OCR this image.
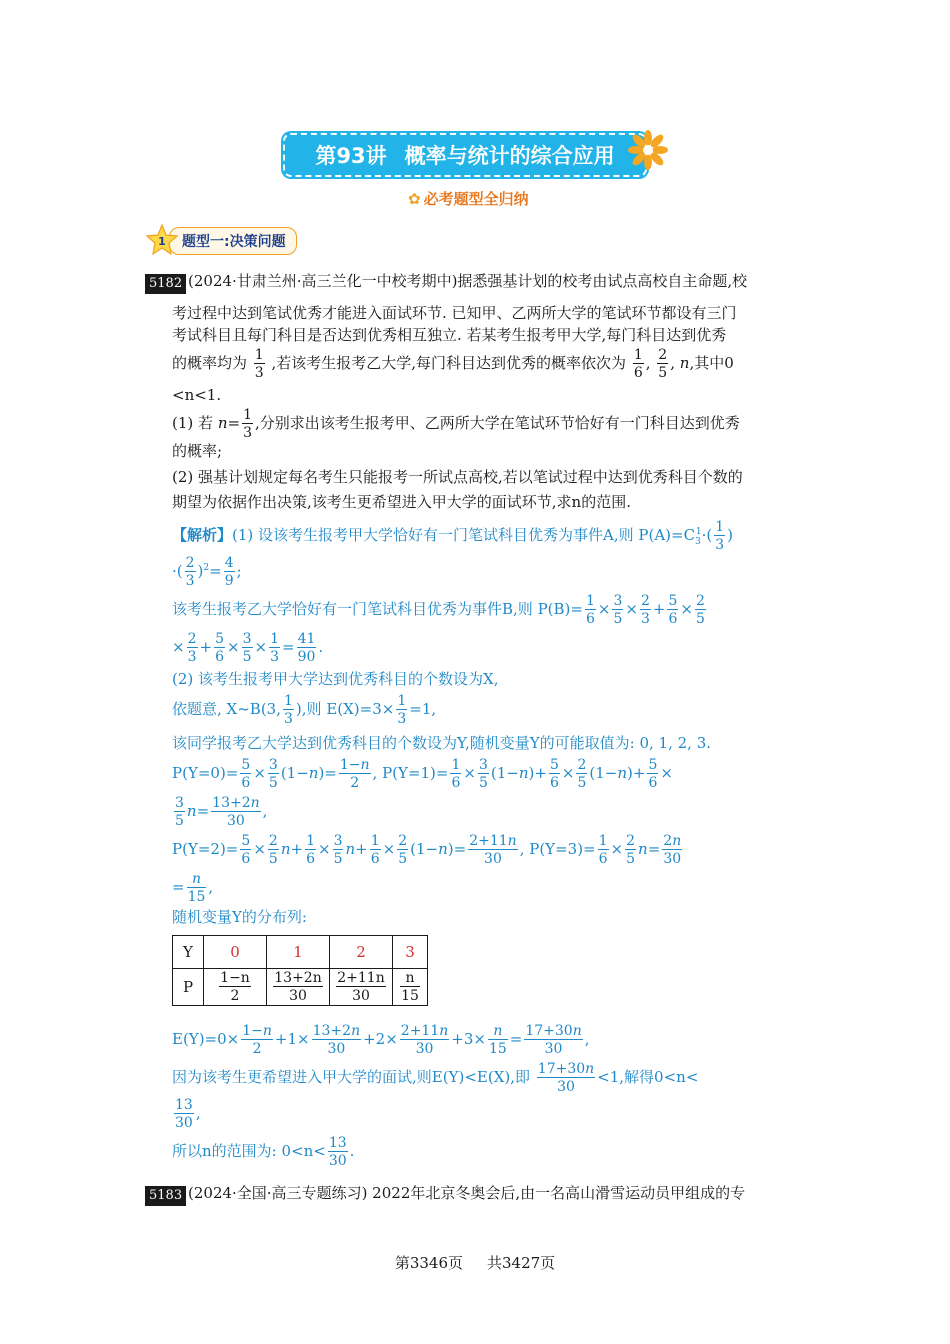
第93讲 概率与统计的综合应用
✿ 必考题型全归纳
题型一:决策问题
1
5182 (2024·甘肃兰州·高三兰化一中校考期中)据悉强基计划的校考由试点高校自主命题,校
考过程中达到笔试优秀才能进入面试环节. 已知甲、乙两所大学的笔试环节都设有三门
考试科目且每门科目是否达到优秀相互独立. 若某考生报考甲大学,每门科目达到优秀
的概率均为 $\frac{1}{3}$ ,若该考生报考乙大学,每门科目达到优秀的概率依次为 $\frac{1}{6}$ , $\frac{2}{5}$ , n,其中0
<n<1.
(1) 若 $n= \frac{1}{3}$ ,分别求出该考生报考甲、乙两所大学在笔试环节恰好有一门科目达到优秀
的概率;
(2) 强基计划规定每名考生只能报考一所试点高校,若以笔试过程中达到优秀科目个数的
期望为依据作出决策,该考生更希望进入甲大学的面试环节,求n的范围.
【解析】(1) 设该考生报考甲大学恰好有一门笔试科目优秀为事件A,则 $P(A)=C_3^1\cdot( \frac{1}{3}$ )
·( $\frac{2}{3} )^2= \frac{4}{9}$ ;
该考生报考乙大学恰好有一门笔试科目优秀为事件B,则 $P(B)= \frac{1}{6} \times \frac{3}{5} \times \frac{2}{3} + \frac{5}{6} \times \frac{2}{5}$
× $\frac{2}{3} + \frac{5}{6} \times \frac{3}{5} \times \frac{1}{3} = \frac{41}{90}$ .
(2) 该考生报考甲大学达到优秀科目的个数设为X,
依题意, X~B(3, $\frac{1}{3}$ ),则 $E(X)=3\times \frac{1}{3} =1$,
该同学报考乙大学达到优秀科目的个数设为Y,随机变量Y的可能取值为: 0, 1, 2, 3.
$P(Y=0)= \frac{5}{6} \times \frac{3}{5} (1-n)= \frac{1-n}{2}$ , $P(Y=1)= \frac{1}{6} \times \frac{3}{5} (1-n)+ \frac{5}{6} \times \frac{2}{5} (1-n)+ \frac{5}{6}$ ×
$\frac{3}{5} n= \frac{13+2n}{30}$ ,
$P(Y=2)= \frac{5}{6} \times \frac{2}{5} n+ \frac{1}{6} \times \frac{3}{5} n+ \frac{1}{6} \times \frac{2}{5} (1-n)= \frac{2+11n}{30}$ , $P(Y=3)= \frac{1}{6} \times \frac{2}{5} n= \frac{2n}{30}$
= $\frac{n}{15}$ ,
随机变量Y的分布列:
Y	0	1	2	3
P	$\frac{1-n}{2}$	$\frac{13+2n}{30}$	$\frac{2+11n}{30}$	$\frac{n}{15}$
$E(Y)=0\times \frac{1-n}{2} +1\times \frac{13+2n}{30} +2\times \frac{2+11n}{30} +3\times \frac{n}{15} = \frac{17+30n}{30}$ ,
因为该考生更希望进入甲大学的面试,则E(Y)<E(X),即 $\frac{17+30n}{30} <1$,解得0<n<
$\frac{13}{30}$ ,
所以n的范围为: $0<n< \frac{13}{30}$ .
5183 (2024·全国·高三专题练习) 2022年北京冬奥会后,由一名高山滑雪运动员甲组成的专
第3346页 共3427页
